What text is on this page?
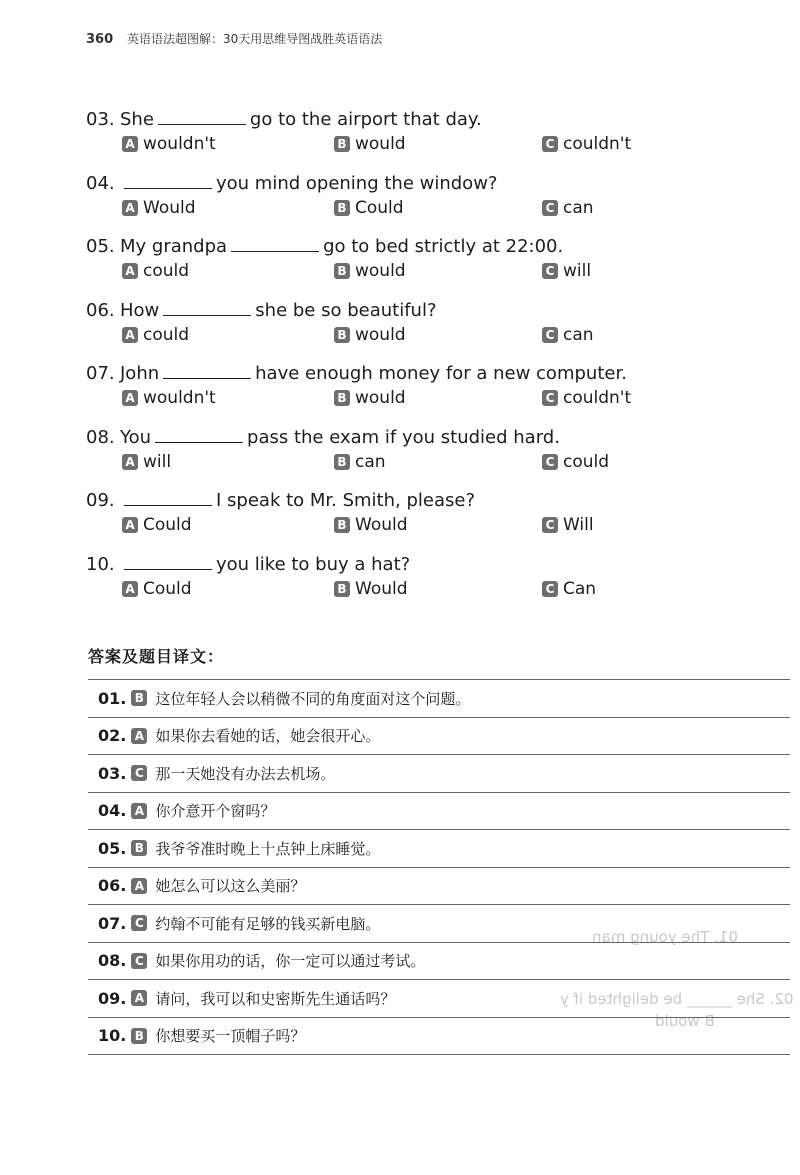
360 英语语法超图解：30天用思维导图战胜英语语法
01. The young man
02. She ______ be delighted if y
B would
03. She	go to the airport that day.
A wouldn't	B would	C couldn't
04.	you mind opening the window?
A Would	B Could	C can
05. My grandpa	go to bed strictly at 22:00.
A could	B would	C will
06. How	she be so beautiful?
A could	B would	C can
07. John	have enough money for a new computer.
A wouldn't	B would	C couldn't
08. You	pass the exam if you studied hard.
A will	B can	C could
09.	I speak to Mr. Smith, please?
A Could	B Would	C Will
10.	you like to buy a hat?
A Could	B Would	C Can
答案及题目译文：
01. B 这位年轻人会以稍微不同的角度面对这个问题。
02. A 如果你去看她的话，她会很开心。
03. C 那一天她没有办法去机场。
04. A 你介意开个窗吗？
05. B 我爷爷准时晚上十点钟上床睡觉。
06. A 她怎么可以这么美丽？
07. C 约翰不可能有足够的钱买新电脑。
08. C 如果你用功的话，你一定可以通过考试。
09. A 请问，我可以和史密斯先生通话吗？
10. B 你想要买一顶帽子吗？
